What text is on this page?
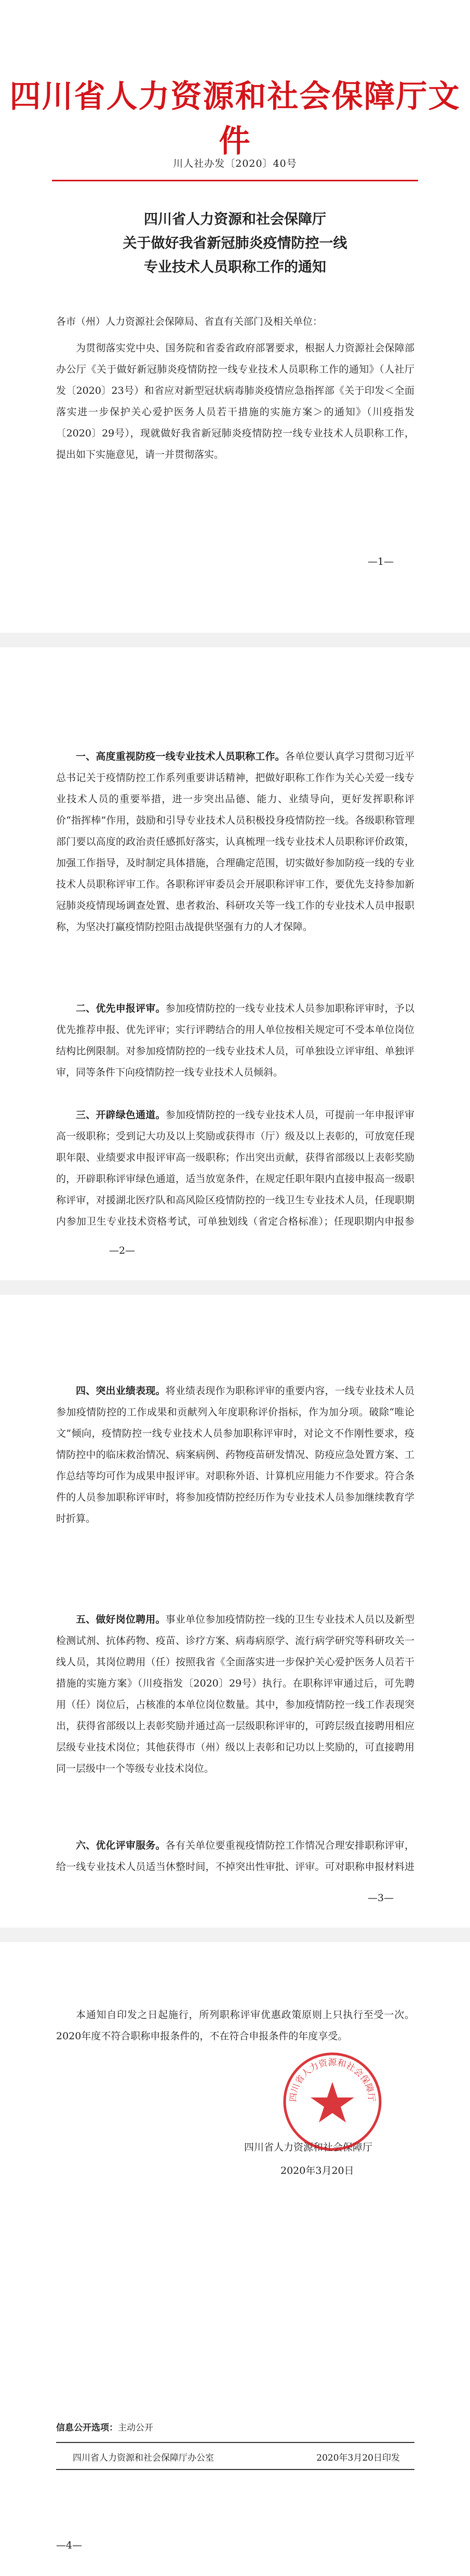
四川省人力资源和社会保障厅文件
川人社办发〔2020〕40号
四川省人力资源和社会保障厅
关于做好我省新冠肺炎疫情防控一线
专业技术人员职称工作的通知
各市（州）人力资源社会保障局、省直有关部门及相关单位：

为贯彻落实党中央、国务院和省委省政府部署要求，根据人力资源社会保障部办公厅《关于做好新冠肺炎疫情防控一线专业技术人员职称工作的通知》（人社厅发〔2020〕23号）和省应对新型冠状病毒肺炎疫情应急指挥部《关于印发＜全面落实进一步保护关心爱护医务人员若干措施的实施方案＞的通知》（川疫指发〔2020〕29号），现就做好我省新冠肺炎疫情防控一线专业技术人员职称工作，提出如下实施意见，请一并贯彻落实。

—1—

一、高度重视防疫一线专业技术人员职称工作。各单位要认真学习贯彻习近平总书记关于疫情防控工作系列重要讲话精神，把做好职称工作作为关心关爱一线专业技术人员的重要举措，进一步突出品德、能力、业绩导向，更好发挥职称评价“指挥棒”作用，鼓励和引导专业技术人员积极投身疫情防控一线。各级职称管理部门要以高度的政治责任感抓好落实，认真梳理一线专业技术人员职称评价政策，加强工作指导，及时制定具体措施，合理确定范围，切实做好参加防疫一线的专业技术人员职称评审工作。各职称评审委员会开展职称评审工作，要优先支持参加新冠肺炎疫情现场调查处置、患者救治、科研攻关等一线工作的专业技术人员申报职称，为坚决打赢疫情防控阻击战提供坚强有力的人才保障。

二、优先申报评审。参加疫情防控的一线专业技术人员参加职称评审时，予以优先推荐申报、优先评审；实行评聘结合的用人单位按相关规定可不受本单位岗位结构比例限制。对参加疫情防控的一线专业技术人员，可单独设立评审组、单独评审，同等条件下向疫情防控一线专业技术人员倾斜。

三、开辟绿色通道。参加疫情防控的一线专业技术人员，可提前一年申报评审高一级职称；受到记大功及以上奖励或获得市（厅）级及以上表彰的，可放宽任现职年限、业绩要求申报评审高一级职称；作出突出贡献，获得省部级以上表彰奖励的，开辟职称评审绿色通道，适当放宽条件，在规定任职年限内直接申报高一级职称评审，对援湖北医疗队和高风险区疫情防控的一线卫生专业技术人员，任现职期内参加卫生专业技术资格考试，可单独划线（省定合格标准）；任现职期内申报参

—2—

四、突出业绩表现。将业绩表现作为职称评审的重要内容，一线专业技术人员参加疫情防控的工作成果和贡献列入年度职称评价指标，作为加分项。破除“唯论文”倾向，疫情防控一线专业技术人员参加职称评审时，对论文不作刚性要求，疫情防控中的临床救治情况、病案病例、药物疫苗研发情况、防疫应急处置方案、工作总结等均可作为成果申报评审。对职称外语、计算机应用能力不作要求。符合条件的人员参加职称评审时，将参加疫情防控经历作为专业技术人员参加继续教育学时折算。

五、做好岗位聘用。事业单位参加疫情防控一线的卫生专业技术人员以及新型检测试剂、抗体药物、疫苗、诊疗方案、病毒病原学、流行病学研究等科研攻关一线人员，其岗位聘用（任）按照我省《全面落实进一步保护关心爱护医务人员若干措施的实施方案》（川疫指发〔2020〕29号）执行。在职称评审通过后，可先聘用（任）岗位后，占核准的本单位岗位数量。其中，参加疫情防控一线工作表现突出，获得省部级以上表彰奖励并通过高一层级职称评审的，可跨层级直接聘用相应层级专业技术岗位；其他获得市（州）级以上表彰和记功以上奖励的，可直接聘用同一层级中一个等级专业技术岗位。

六、优化评审服务。各有关单位要重视疫情防控工作情况合理安排职称评审，给一线专业技术人员适当休整时间，不掉突出性审批、评审。可对职称申报材料进

—3—

本通知自印发之日起施行，所列职称评审优惠政策原则上只执行至受一次。2020年度不符合职称申报条件的，不在符合申报条件的年度享受。

四川省人力资源和社会保障厅
2020年3月20日
—4—
四川省人力资源和社会保障厅
信息公开选项：主动公开
四川省人力资源和社会保障厅办公室	2020年3月20日印发
